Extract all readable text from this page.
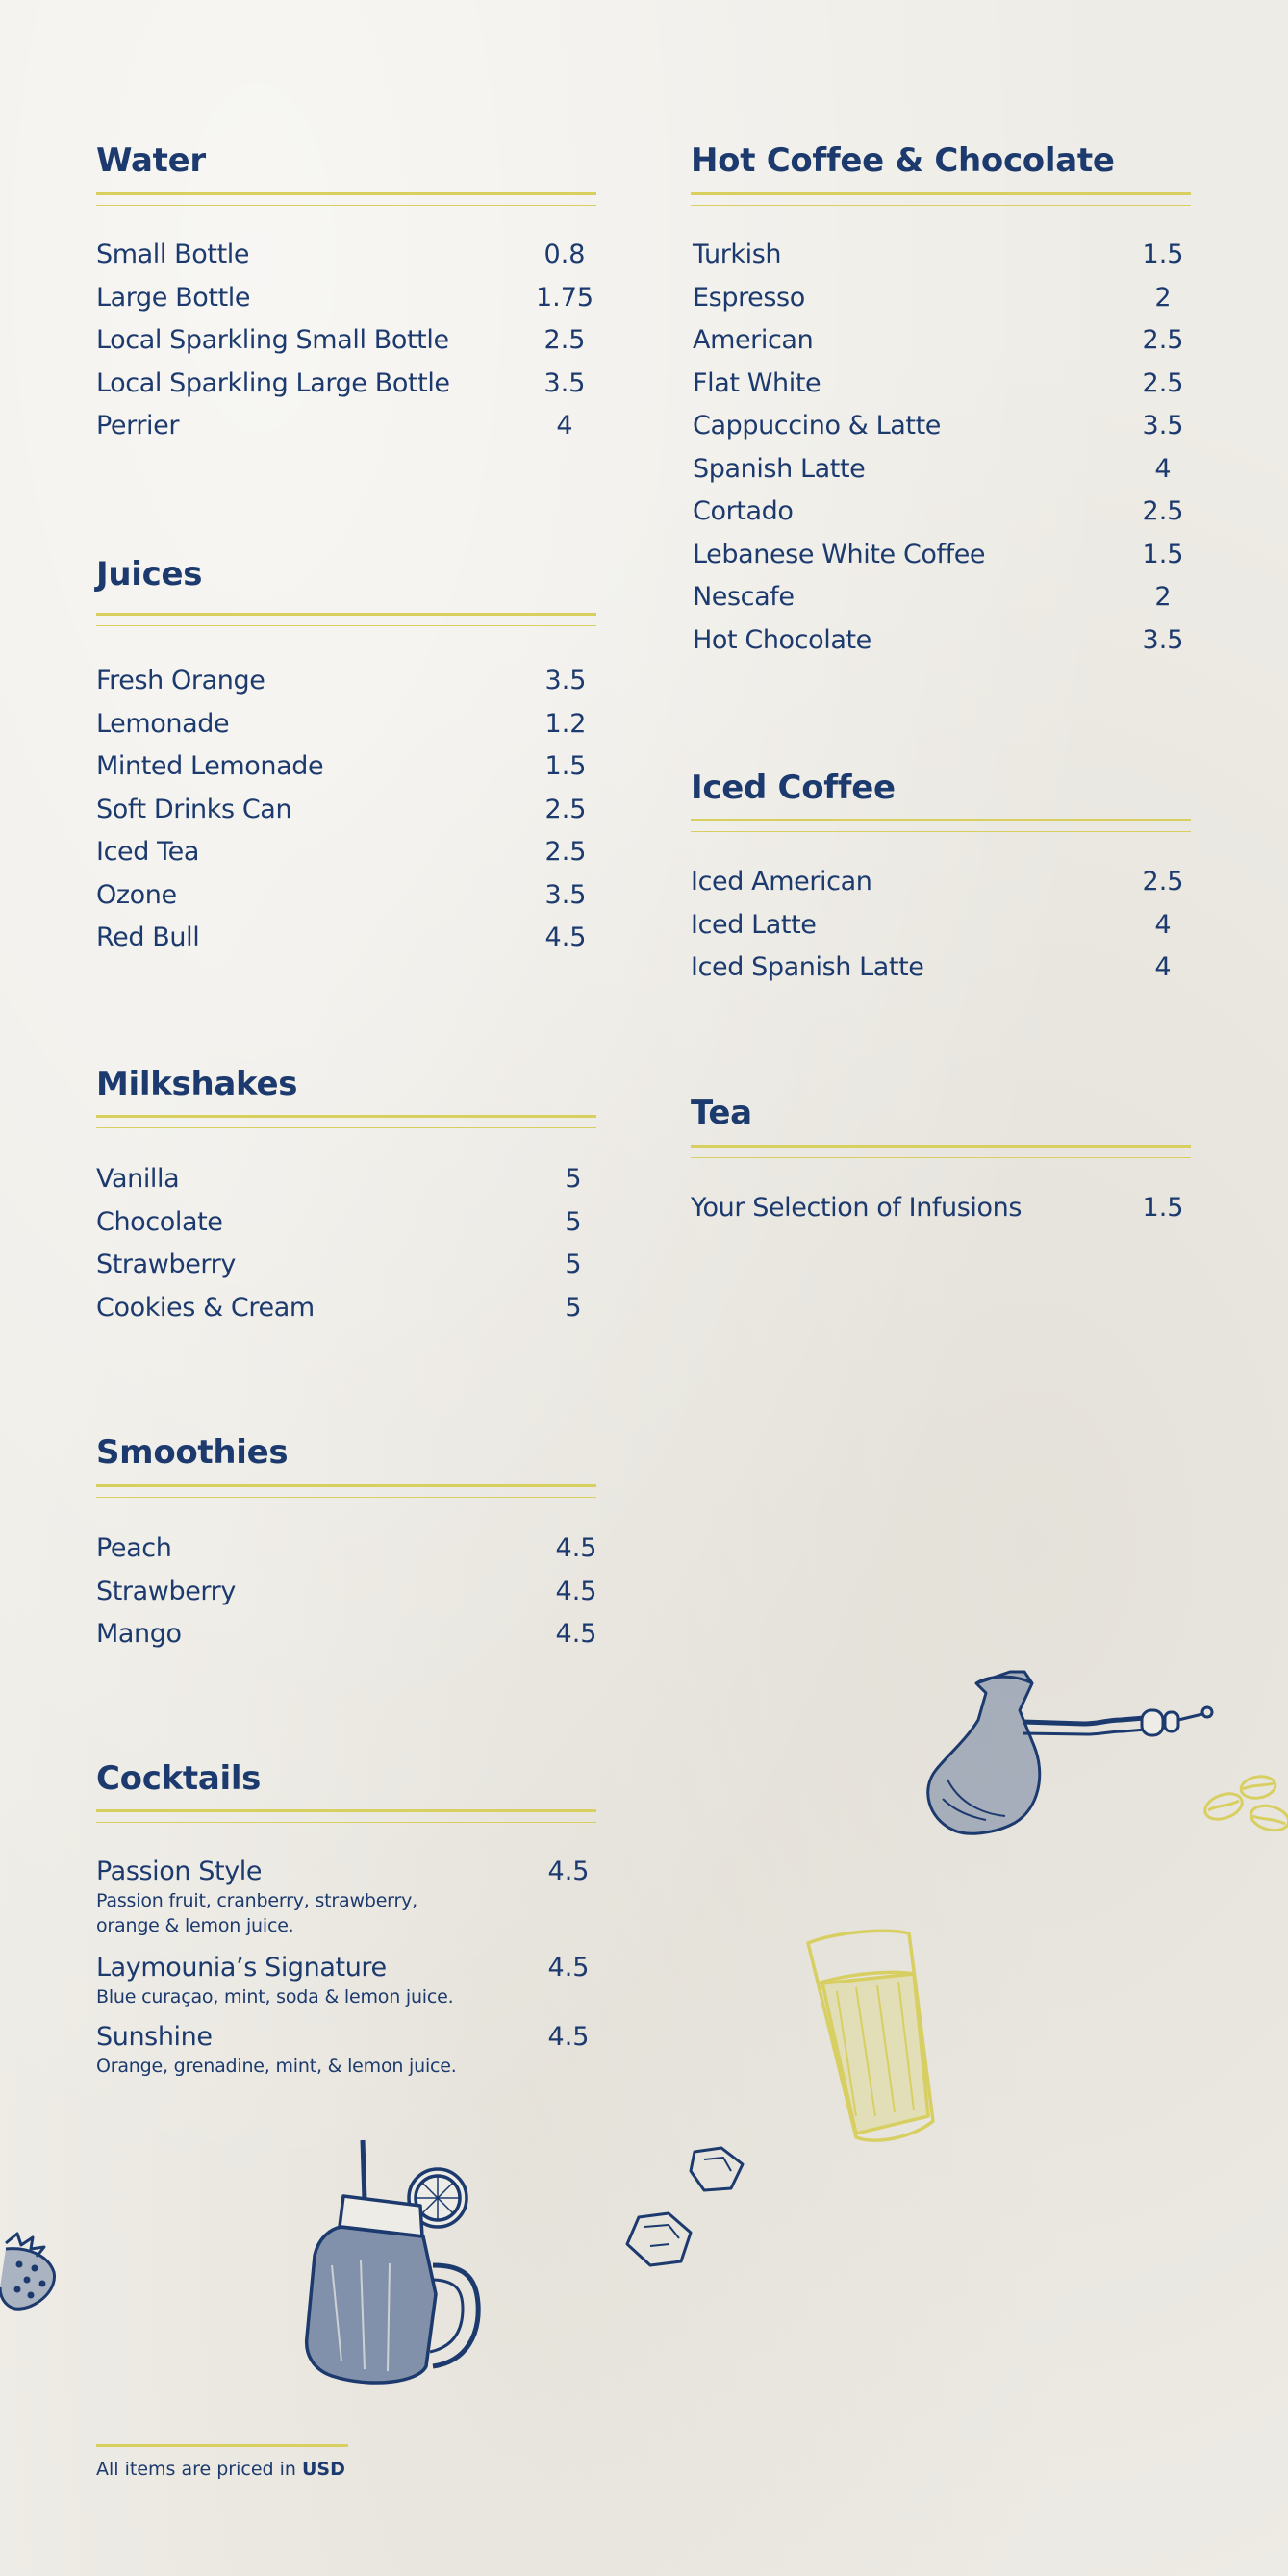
Water
Small Bottle	0.8
Large Bottle	1.75
Local Sparkling Small Bottle	2.5
Local Sparkling Large Bottle	3.5
Perrier	4
Juices
Fresh Orange	3.5
Lemonade	1.2
Minted Lemonade	1.5
Soft Drinks Can	2.5
Iced Tea	2.5
Ozone	3.5
Red Bull	4.5
Milkshakes
Vanilla	5
Chocolate	5
Strawberry	5
Cookies & Cream	5
Smoothies
Peach	4.5
Strawberry	4.5
Mango	4.5
Cocktails
Passion Style	4.5
Passion fruit, cranberry, strawberry,
orange & lemon juice.
Laymounia’s Signature	4.5
Blue curaçao, mint, soda & lemon juice.
Sunshine	4.5
Orange, grenadine, mint, & lemon juice.
Hot Coffee & Chocolate
Turkish	1.5
Espresso	2
American	2.5
Flat White	2.5
Cappuccino & Latte	3.5
Spanish Latte	4
Cortado	2.5
Lebanese White Coffee	1.5
Nescafe	2
Hot Chocolate	3.5
Iced Coffee
Iced American	2.5
Iced Latte	4
Iced Spanish Latte	4
Tea
Your Selection of Infusions	1.5
All items are priced in USD
